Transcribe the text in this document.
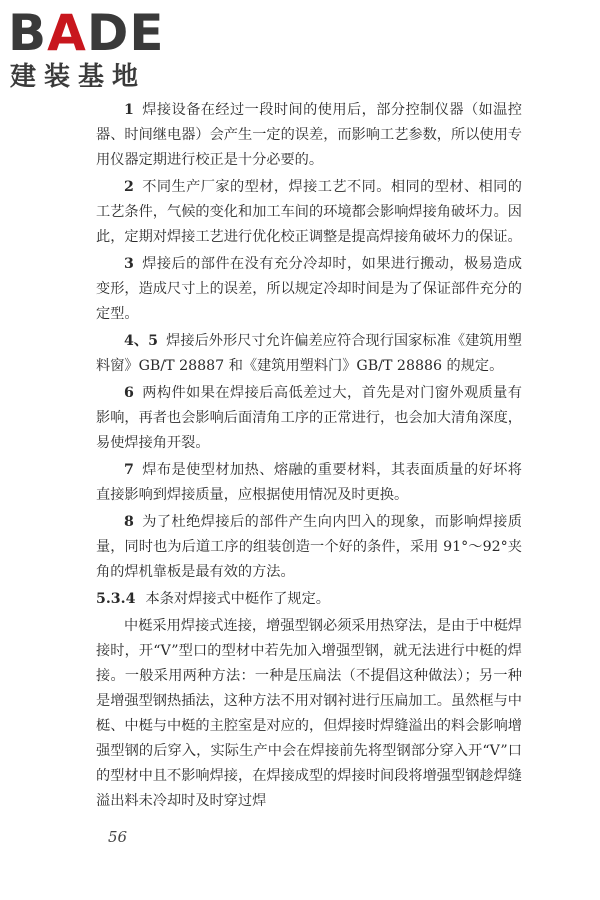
BADE
建装基地

1 焊接设备在经过一段时间的使用后，部分控制仪器（如温控器、时间继电器）会产生一定的误差，而影响工艺参数，所以使用专用仪器定期进行校正是十分必要的。

2 不同生产厂家的型材，焊接工艺不同。相同的型材、相同的工艺条件，气候的变化和加工车间的环境都会影响焊接角破坏力。因此，定期对焊接工艺进行优化校正调整是提高焊接角破坏力的保证。

3 焊接后的部件在没有充分冷却时，如果进行搬动，极易造成变形，造成尺寸上的误差，所以规定冷却时间是为了保证部件充分的定型。

4、5 焊接后外形尺寸允许偏差应符合现行国家标准《建筑用塑料窗》GB/T 28887 和《建筑用塑料门》GB/T 28886 的规定。

6 两构件如果在焊接后高低差过大，首先是对门窗外观质量有影响，再者也会影响后面清角工序的正常进行，也会加大清角深度，易使焊接角开裂。

7 焊布是使型材加热、熔融的重要材料，其表面质量的好坏将直接影响到焊接质量，应根据使用情况及时更换。

8 为了杜绝焊接后的部件产生向内凹入的现象，而影响焊接质量，同时也为后道工序的组装创造一个好的条件，采用 91°～92°夹角的焊机靠板是最有效的方法。

5.3.4 本条对焊接式中梃作了规定。

中梃采用焊接式连接，增强型钢必须采用热穿法，是由于中梃焊接时，开“V”型口的型材中若先加入增强型钢，就无法进行中梃的焊接。一般采用两种方法：一种是压扁法（不提倡这种做法）；另一种是增强型钢热插法，这种方法不用对钢衬进行压扁加工。虽然框与中梃、中梃与中梃的主腔室是对应的，但焊接时焊缝溢出的料会影响增强型钢的后穿入，实际生产中会在焊接前先将型钢部分穿入开“V”口的型材中且不影响焊接，在焊接成型的焊接时间段将增强型钢趁焊缝溢出料未冷却时及时穿过焊

56
